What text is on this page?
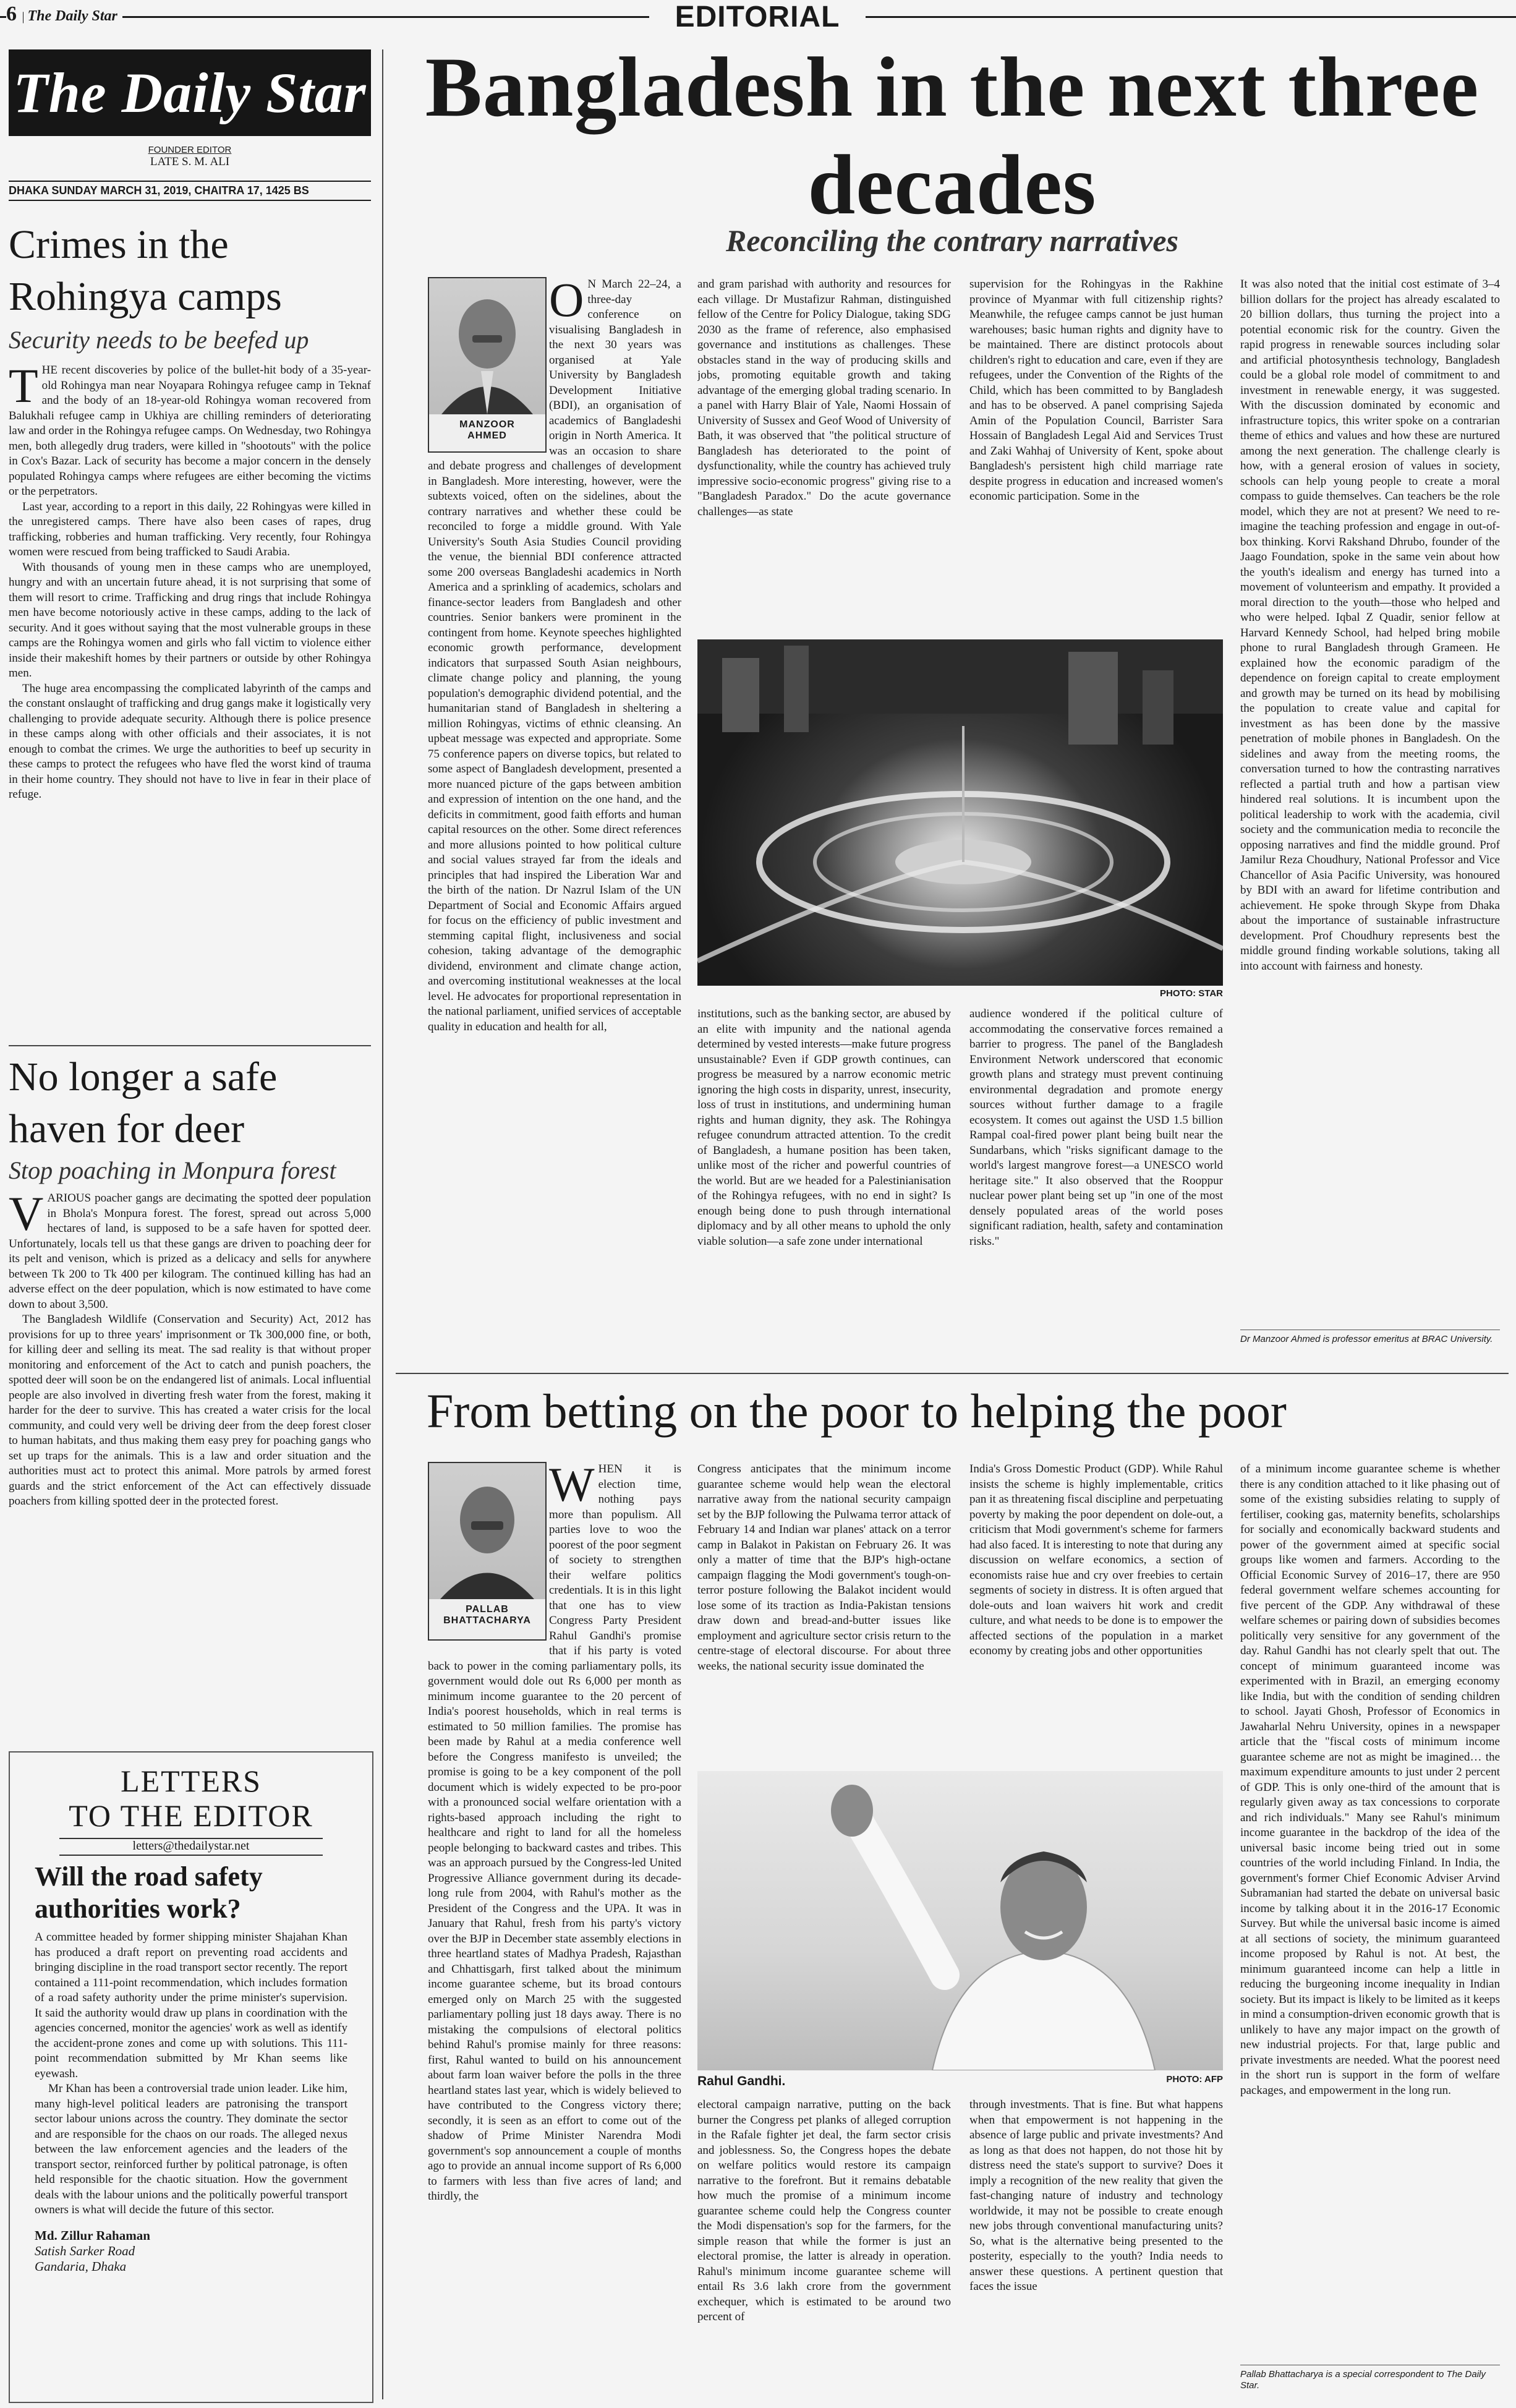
6 | The Daily Star	EDITORIAL
The Daily Star
FOUNDER EDITOR
LATE S. M. ALI
DHAKA SUNDAY MARCH 31, 2019, CHAITRA 17, 1425 BS
Crimes in the Rohingya camps
Security needs to be beefed up

THE recent discoveries by police of the bullet-hit body of a 35-year-old Rohingya man near Noyapara Rohingya refugee camp in Teknaf and the body of an 18-year-old Rohingya woman recovered from Balukhali refugee camp in Ukhiya are chilling reminders of deteriorating law and order in the Rohingya refugee camps. On Wednesday, two Rohingya men, both allegedly drug traders, were killed in "shootouts" with the police in Cox's Bazar. Lack of security has become a major concern in the densely populated Rohingya camps where refugees are either becoming the victims or the perpetrators.

Last year, according to a report in this daily, 22 Rohingyas were killed in the unregistered camps. There have also been cases of rapes, drug trafficking, robberies and human trafficking. Very recently, four Rohingya women were rescued from being trafficked to Saudi Arabia.

With thousands of young men in these camps who are unemployed, hungry and with an uncertain future ahead, it is not surprising that some of them will resort to crime. Trafficking and drug rings that include Rohingya men have become notoriously active in these camps, adding to the lack of security. And it goes without saying that the most vulnerable groups in these camps are the Rohingya women and girls who fall victim to violence either inside their makeshift homes by their partners or outside by other Rohingya men.

The huge area encompassing the complicated labyrinth of the camps and the constant onslaught of trafficking and drug gangs make it logistically very challenging to provide adequate security. Although there is police presence in these camps along with other officials and their associates, it is not enough to combat the crimes. We urge the authorities to beef up security in these camps to protect the refugees who have fled the worst kind of trauma in their home country. They should not have to live in fear in their place of refuge.

No longer a safe haven for deer
Stop poaching in Monpura forest

VARIOUS poacher gangs are decimating the spotted deer population in Bhola's Monpura forest. The forest, spread out across 5,000 hectares of land, is supposed to be a safe haven for spotted deer. Unfortunately, locals tell us that these gangs are driven to poaching deer for its pelt and venison, which is prized as a delicacy and sells for anywhere between Tk 200 to Tk 400 per kilogram. The continued killing has had an adverse effect on the deer population, which is now estimated to have come down to about 3,500.

The Bangladesh Wildlife (Conservation and Security) Act, 2012 has provisions for up to three years' imprisonment or Tk 300,000 fine, or both, for killing deer and selling its meat. The sad reality is that without proper monitoring and enforcement of the Act to catch and punish poachers, the spotted deer will soon be on the endangered list of animals. Local influential people are also involved in diverting fresh water from the forest, making it harder for the deer to survive. This has created a water crisis for the local community, and could very well be driving deer from the deep forest closer to human habitats, and thus making them easy prey for poaching gangs who set up traps for the animals. This is a law and order situation and the authorities must act to protect this animal. More patrols by armed forest guards and the strict enforcement of the Act can effectively dissuade poachers from killing spotted deer in the protected forest.

LETTERS
TO THE EDITOR
letters@thedailystar.net
Will the road safety authorities work?

A committee headed by former shipping minister Shajahan Khan has produced a draft report on preventing road accidents and bringing discipline in the road transport sector recently. The report contained a 111-point recommendation, which includes formation of a road safety authority under the prime minister's supervision. It said the authority would draw up plans in coordination with the agencies concerned, monitor the agencies' work as well as identify the accident-prone zones and come up with solutions. This 111-point recommendation submitted by Mr Khan seems like eyewash.

Mr Khan has been a controversial trade union leader. Like him, many high-level political leaders are patronising the transport sector labour unions across the country. They dominate the sector and are responsible for the chaos on our roads. The alleged nexus between the law enforcement agencies and the leaders of the transport sector, reinforced further by political patronage, is often held responsible for the chaotic situation. How the government deals with the labour unions and the politically powerful transport owners is what will decide the future of this sector.

Md. Zillur Rahaman
Satish Sarker Road
Gandaria, Dhaka
Bangladesh in the next three decades
Reconciling the contrary narratives
MANZOOR
AHMED

O N March 22–24, a three-day conference on visualising Bangladesh in the next 30 years was organised at Yale University by Bangladesh Development Initiative (BDI), an organisation of academics of Bangladeshi origin in North America. It was an occasion to share and debate progress and challenges of development in Bangladesh. More interesting, however, were the subtexts voiced, often on the sidelines, about the contrary narratives and whether these could be reconciled to forge a middle ground. With Yale University's South Asia Studies Council providing the venue, the biennial BDI conference attracted some 200 overseas Bangladeshi academics in North America and a sprinkling of academics, scholars and finance-sector leaders from Bangladesh and other countries. Senior bankers were prominent in the contingent from home. Keynote speeches highlighted economic growth performance, development indicators that surpassed South Asian neighbours, climate change policy and planning, the young population's demographic dividend potential, and the humanitarian stand of Bangladesh in sheltering a million Rohingyas, victims of ethnic cleansing. An upbeat message was expected and appropriate. Some 75 conference papers on diverse topics, but related to some aspect of Bangladesh development, presented a more nuanced picture of the gaps between ambition and expression of intention on the one hand, and the deficits in commitment, good faith efforts and human capital resources on the other. Some direct references and more allusions pointed to how political culture and social values strayed far from the ideals and principles that had inspired the Liberation War and the birth of the nation. Dr Nazrul Islam of the UN Department of Social and Economic Affairs argued for focus on the efficiency of public investment and stemming capital flight, inclusiveness and social cohesion, taking advantage of the demographic dividend, environment and climate change action, and overcoming institutional weaknesses at the local level. He advocates for proportional representation in the national parliament, unified services of acceptable quality in education and health for all,

and gram parishad with authority and resources for each village. Dr Mustafizur Rahman, distinguished fellow of the Centre for Policy Dialogue, taking SDG 2030 as the frame of reference, also emphasised governance and institutions as challenges. These obstacles stand in the way of producing skills and jobs, promoting equitable growth and taking advantage of the emerging global trading scenario. In a panel with Harry Blair of Yale, Naomi Hossain of University of Sussex and Geof Wood of University of Bath, it was observed that "the political structure of Bangladesh has deteriorated to the point of dysfunctionality, while the country has achieved truly impressive socio-economic progress" giving rise to a "Bangladesh Paradox." Do the acute governance challenges—as state

supervision for the Rohingyas in the Rakhine province of Myanmar with full citizenship rights? Meanwhile, the refugee camps cannot be just human warehouses; basic human rights and dignity have to be maintained. There are distinct protocols about children's right to education and care, even if they are refugees, under the Convention of the Rights of the Child, which has been committed to by Bangladesh and has to be observed. A panel comprising Sajeda Amin of the Population Council, Barrister Sara Hossain of Bangladesh Legal Aid and Services Trust and Zaki Wahhaj of University of Kent, spoke about Bangladesh's persistent high child marriage rate despite progress in education and increased women's economic participation. Some in the

PHOTO: STAR

institutions, such as the banking sector, are abused by an elite with impunity and the national agenda determined by vested interests—make future progress unsustainable? Even if GDP growth continues, can progress be measured by a narrow economic metric ignoring the high costs in disparity, unrest, insecurity, loss of trust in institutions, and undermining human rights and human dignity, they ask. The Rohingya refugee conundrum attracted attention. To the credit of Bangladesh, a humane position has been taken, unlike most of the richer and powerful countries of the world. But are we headed for a Palestinianisation of the Rohingya refugees, with no end in sight? Is enough being done to push through international diplomacy and by all other means to uphold the only viable solution—a safe zone under international

audience wondered if the political culture of accommodating the conservative forces remained a barrier to progress. The panel of the Bangladesh Environment Network underscored that economic growth plans and strategy must prevent continuing environmental degradation and promote energy sources without further damage to a fragile ecosystem. It comes out against the USD 1.5 billion Rampal coal-fired power plant being built near the Sundarbans, which "risks significant damage to the world's largest mangrove forest—a UNESCO world heritage site." It also observed that the Rooppur nuclear power plant being set up "in one of the most densely populated areas of the world poses significant radiation, health, safety and contamination risks."

It was also noted that the initial cost estimate of 3–4 billion dollars for the project has already escalated to 20 billion dollars, thus turning the project into a potential economic risk for the country. Given the rapid progress in renewable sources including solar and artificial photosynthesis technology, Bangladesh could be a global role model of commitment to and investment in renewable energy, it was suggested. With the discussion dominated by economic and infrastructure topics, this writer spoke on a contrarian theme of ethics and values and how these are nurtured among the next generation. The challenge clearly is how, with a general erosion of values in society, schools can help young people to create a moral compass to guide themselves. Can teachers be the role model, which they are not at present? We need to re-imagine the teaching profession and engage in out-of-box thinking. Korvi Rakshand Dhrubo, founder of the Jaago Foundation, spoke in the same vein about how the youth's idealism and energy has turned into a movement of volunteerism and empathy. It provided a moral direction to the youth—those who helped and who were helped. Iqbal Z Quadir, senior fellow at Harvard Kennedy School, had helped bring mobile phone to rural Bangladesh through Grameen. He explained how the economic paradigm of the dependence on foreign capital to create employment and growth may be turned on its head by mobilising the population to create value and capital for investment as has been done by the massive penetration of mobile phones in Bangladesh. On the sidelines and away from the meeting rooms, the conversation turned to how the contrasting narratives reflected a partial truth and how a partisan view hindered real solutions. It is incumbent upon the political leadership to work with the academia, civil society and the communication media to reconcile the opposing narratives and find the middle ground. Prof Jamilur Reza Choudhury, National Professor and Vice Chancellor of Asia Pacific University, was honoured by BDI with an award for lifetime contribution and achievement. He spoke through Skype from Dhaka about the importance of sustainable infrastructure development. Prof Choudhury represents best the middle ground finding workable solutions, taking all into account with fairness and honesty.

Dr Manzoor Ahmed is professor emeritus at BRAC University.
From betting on the poor to helping the poor
PALLAB
BHATTACHARYA

WHEN it is election time, nothing pays more than populism. All parties love to woo the poorest of the poor segment of society to strengthen their welfare politics credentials. It is in this light that one has to view Congress Party President Rahul Gandhi's promise that if his party is voted back to power in the coming parliamentary polls, its government would dole out Rs 6,000 per month as minimum income guarantee to the 20 percent of India's poorest households, which in real terms is estimated to 50 million families. The promise has been made by Rahul at a media conference well before the Congress manifesto is unveiled; the promise is going to be a key component of the poll document which is widely expected to be pro-poor with a pronounced social welfare orientation with a rights-based approach including the right to healthcare and right to land for all the homeless people belonging to backward castes and tribes. This was an approach pursued by the Congress-led United Progressive Alliance government during its decade-long rule from 2004, with Rahul's mother as the President of the Congress and the UPA. It was in January that Rahul, fresh from his party's victory over the BJP in December state assembly elections in three heartland states of Madhya Pradesh, Rajasthan and Chhattisgarh, first talked about the minimum income guarantee scheme, but its broad contours emerged only on March 25 with the suggested parliamentary polling just 18 days away. There is no mistaking the compulsions of electoral politics behind Rahul's promise mainly for three reasons: first, Rahul wanted to build on his announcement about farm loan waiver before the polls in the three heartland states last year, which is widely believed to have contributed to the Congress victory there; secondly, it is seen as an effort to come out of the shadow of Prime Minister Narendra Modi government's sop announcement a couple of months ago to provide an annual income support of Rs 6,000 to farmers with less than five acres of land; and thirdly, the

Congress anticipates that the minimum income guarantee scheme would help wean the electoral narrative away from the national security campaign set by the BJP following the Pulwama terror attack of February 14 and Indian war planes' attack on a terror camp in Balakot in Pakistan on February 26. It was only a matter of time that the BJP's high-octane campaign flagging the Modi government's tough-on-terror posture following the Balakot incident would lose some of its traction as India-Pakistan tensions draw down and bread-and-butter issues like employment and agriculture sector crisis return to the centre-stage of electoral discourse. For about three weeks, the national security issue dominated the

India's Gross Domestic Product (GDP). While Rahul insists the scheme is highly implementable, critics pan it as threatening fiscal discipline and perpetuating poverty by making the poor dependent on dole-out, a criticism that Modi government's scheme for farmers had also faced. It is interesting to note that during any discussion on welfare economics, a section of economists raise hue and cry over freebies to certain segments of society in distress. It is often argued that dole-outs and loan waivers hit work and credit culture, and what needs to be done is to empower the affected sections of the population in a market economy by creating jobs and other opportunities

Rahul Gandhi.	PHOTO: AFP

electoral campaign narrative, putting on the back burner the Congress pet planks of alleged corruption in the Rafale fighter jet deal, the farm sector crisis and joblessness. So, the Congress hopes the debate on welfare politics would restore its campaign narrative to the forefront. But it remains debatable how much the promise of a minimum income guarantee scheme could help the Congress counter the Modi dispensation's sop for the farmers, for the simple reason that while the former is just an electoral promise, the latter is already in operation. Rahul's minimum income guarantee scheme will entail Rs 3.6 lakh crore from the government exchequer, which is estimated to be around two percent of

through investments. That is fine. But what happens when that empowerment is not happening in the absence of large public and private investments? And as long as that does not happen, do not those hit by distress need the state's support to survive? Does it imply a recognition of the new reality that given the fast-changing nature of industry and technology worldwide, it may not be possible to create enough new jobs through conventional manufacturing units? So, what is the alternative being presented to the posterity, especially to the youth? India needs to answer these questions. A pertinent question that faces the issue

of a minimum income guarantee scheme is whether there is any condition attached to it like phasing out of some of the existing subsidies relating to supply of fertiliser, cooking gas, maternity benefits, scholarships for socially and economically backward students and power of the government aimed at specific social groups like women and farmers. According to the Official Economic Survey of 2016–17, there are 950 federal government welfare schemes accounting for five percent of the GDP. Any withdrawal of these welfare schemes or pairing down of subsidies becomes politically very sensitive for any government of the day. Rahul Gandhi has not clearly spelt that out. The concept of minimum guaranteed income was experimented with in Brazil, an emerging economy like India, but with the condition of sending children to school. Jayati Ghosh, Professor of Economics in Jawaharlal Nehru University, opines in a newspaper article that the "fiscal costs of minimum income guarantee scheme are not as might be imagined… the maximum expenditure amounts to just under 2 percent of GDP. This is only one-third of the amount that is regularly given away as tax concessions to corporate and rich individuals." Many see Rahul's minimum income guarantee in the backdrop of the idea of the universal basic income being tried out in some countries of the world including Finland. In India, the government's former Chief Economic Adviser Arvind Subramanian had started the debate on universal basic income by talking about it in the 2016-17 Economic Survey. But while the universal basic income is aimed at all sections of society, the minimum guaranteed income proposed by Rahul is not. At best, the minimum guaranteed income can help a little in reducing the burgeoning income inequality in Indian society. But its impact is likely to be limited as it keeps in mind a consumption-driven economic growth that is unlikely to have any major impact on the growth of new industrial projects. For that, large public and private investments are needed. What the poorest need in the short run is support in the form of welfare packages, and empowerment in the long run.

Pallab Bhattacharya is a special correspondent to The Daily Star.
